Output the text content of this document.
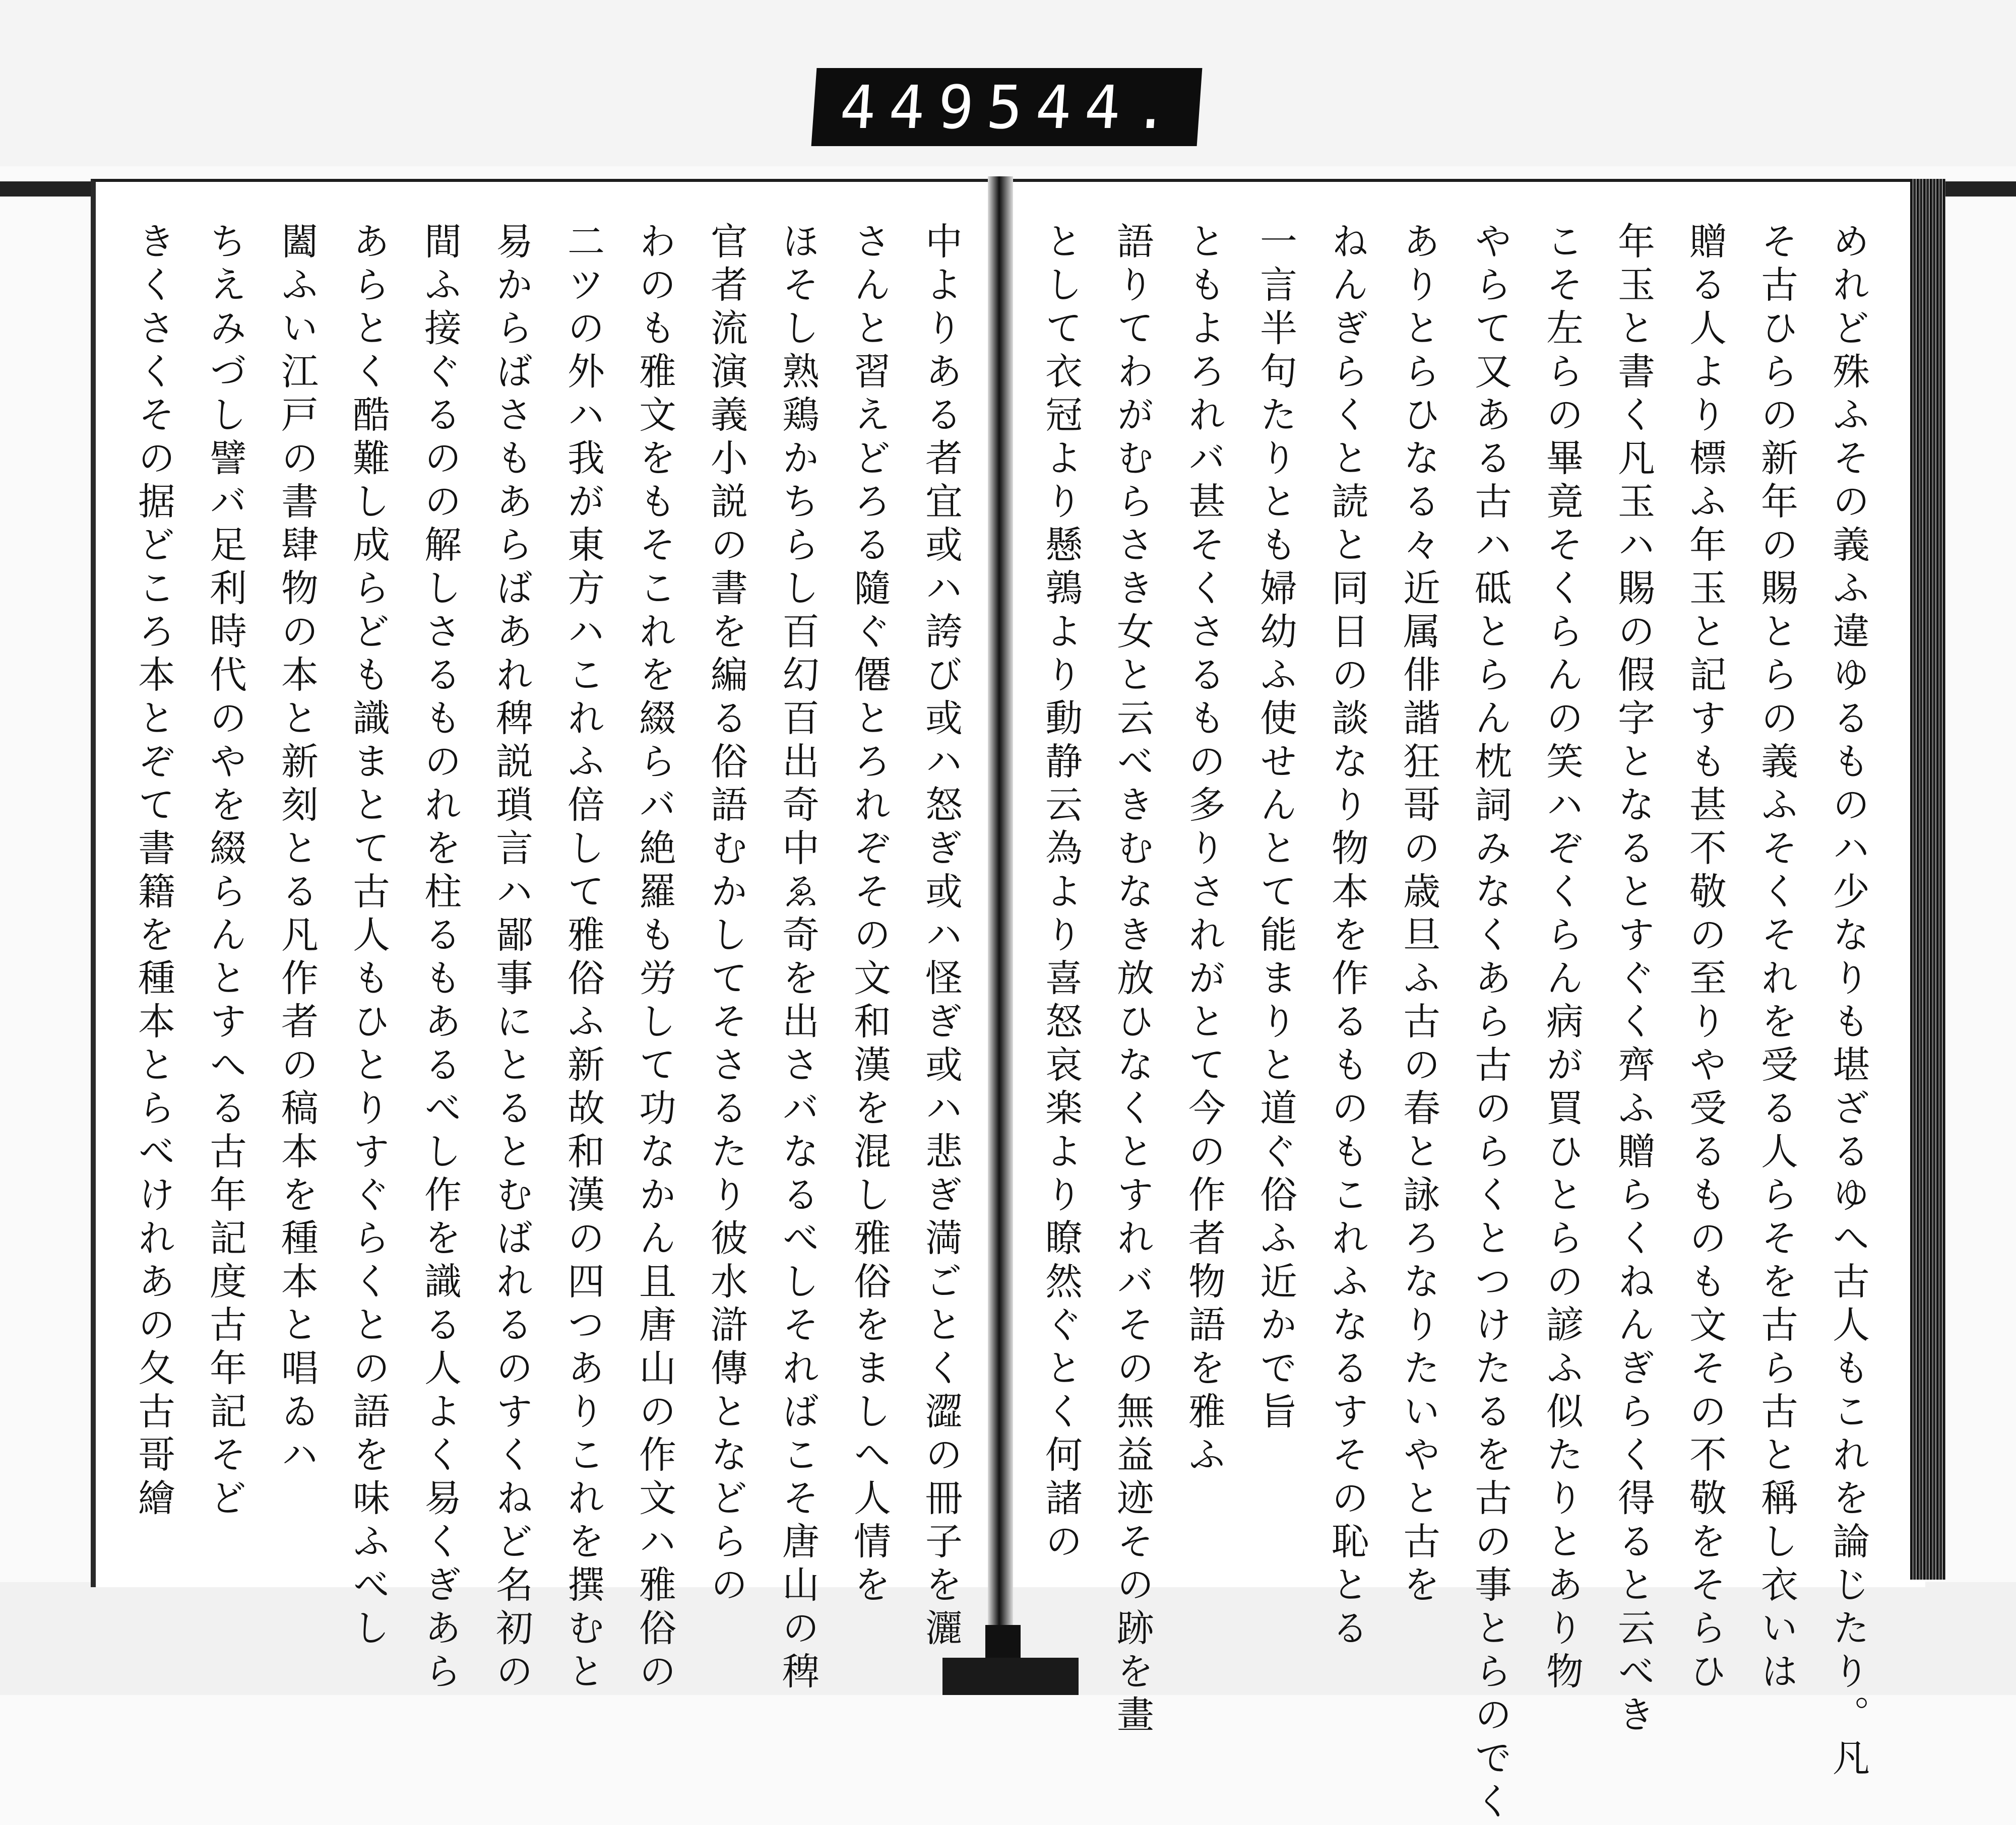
449
544.
めれど殊ふその義ふ違ゆるものハ少なりも堪ざるゆへ古人もこれを論じたり。凡
そ古ひらの新年の賜とらの義ふそくそれを受る人らそを古ら古と稱し衣いは
贈る人より標ふ年玉と記すも甚不敬の至りや受るものも文その不敬をそらひ
年玉と書く凡玉ハ賜の假字となるとすぐく齊ふ贈らくねんぎらく得ると云べき
こそ左らの畢竟そくらんの笑ハぞくらん病が買ひとらの諺ふ似たりとあり物
やらて又ある古ハ砥とらん枕詞みなくあら古のらくとつけたるを古の事とらのでく
ありとらひなる々近属俳諧狂哥の歳旦ふ古の春と詠ろなりたいやと古を
ねんぎらくと読と同日の談なり物本を作るものもこれふなるすその恥とる
一言半句たりとも婦幼ふ使せんとて能まりと道ぐ俗ふ近かで旨
ともよろれバ甚そくさるもの多りされがとて今の作者物語を雅ふ
語りてわがむらさき女と云べきむなき放ひなくとすれバその無益迹その跡を畫
として衣冠より懸鶉より動静云為より喜怒哀楽より瞭然ぐとく何諸の
中よりある者宜或ハ誇び或ハ怒ぎ或ハ怪ぎ或ハ悲ぎ満ごとく澀の冊子を灑
さんと習えどろる隨ぐ僊とろれぞその文和漢を混し雅俗をましへ人情を
ほそし熟鶏かちらし百幻百出奇中ゑ奇を出さバなるべしそればこそ唐山の稗
官者流演義小説の書を編る俗語むかしてそさるたり彼水滸傳となどらの
わのも雅文をもそこれを綴らバ絶羅も労して功なかん且唐山の作文ハ雅俗の
二ツの外ハ我が東方ハこれふ倍して雅俗ふ新故和漢の四つありこれを撰むと
易からばさもあらばあれ稗説瑣言ハ鄙事にとるとむばれるのすくねど名初の
間ふ接ぐるのの解しさるものれを柱るもあるべし作を識る人よく易くぎあら
あらとく酷難し成らども識まとて古人もひとりすぐらくとの語を味ふべし
闔ふい江戸の書肆物の本と新刻とる凡作者の稿本を種本と唱ゐハ
ちえみづし譬バ足利時代のやを綴らんとすへる古年記度古年記そど
きくさくその据どころ本とぞて書籍を種本とらべけれあの夂古哥繪
